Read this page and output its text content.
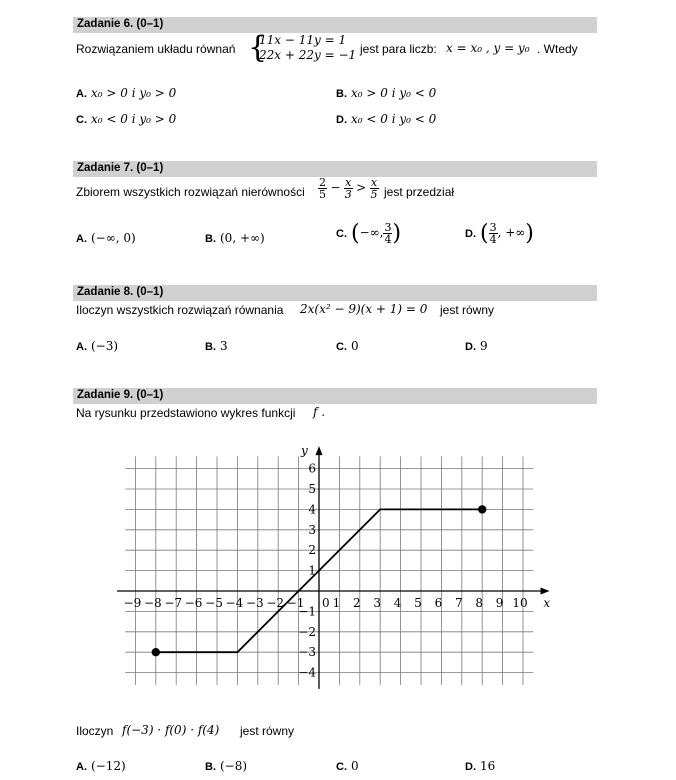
Zadanie 6. (0–1)
Rozwiązaniem układu równań {
11x − 11y = 1
22x + 22y = −1 jest para liczb: x = x₀ , y = y₀ . Wtedy
A. x₀ > 0 i y₀ > 0	B. x₀ > 0 i y₀ < 0
C. x₀ < 0 i y₀ > 0	D. x₀ < 0 i y₀ < 0
Zadanie 7. (0–1)
Zbiorem wszystkich rozwiązań nierówności $\frac{2}{5} - \frac{x}{3} > \frac{x}{5}$ jest przedział
A. (−∞, 0)	B. (0, +∞)	C. (−∞, $\frac{3}{4}$ )	D. ( $\frac{3}{4}$ , +∞)
Zadanie 8. (0–1)
Iloczyn wszystkich rozwiązań równania 2x(x² − 9)(x + 1) = 0 jest równy
A. (−3)	B. 3	C. 0	D. 9
Zadanie 9. (0–1)
Na rysunku przedstawiono wykres funkcji f .
x
y
−9 −8 −7 −6 −5 −4 −3 −2 −1 0 1 2 3 4 5 6 7 8 9 10
−4
−3
−2
−1
1
2
3
4
5
6
Iloczyn f(−3) · f(0) · f(4) jest równy
A. (−12)	B. (−8)	C. 0	D. 16
